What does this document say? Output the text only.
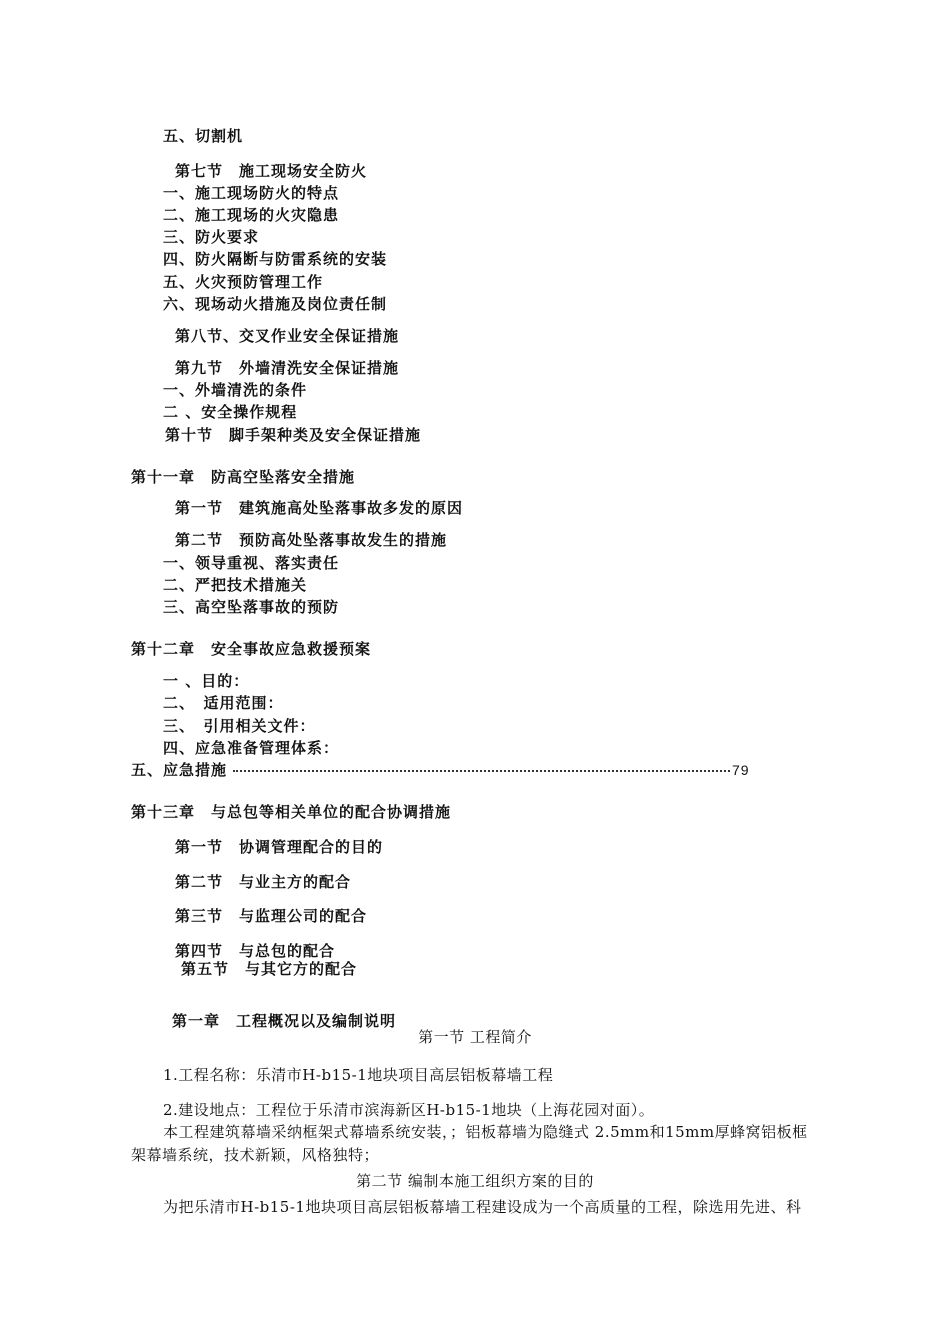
五、切割机
第七节　施工现场安全防火
一、施工现场防火的特点
二、施工现场的火灾隐患
三、防火要求
四、防火隔断与防雷系统的安装
五、火灾预防管理工作
六、现场动火措施及岗位责任制
第八节、交叉作业安全保证措施
第九节　外墙清洗安全保证措施
一、外墙清洗的条件
二 、安全操作规程
第十节　脚手架种类及安全保证措施
第十一章　防高空坠落安全措施
第一节　建筑施高处坠落事故多发的原因
第二节　预防高处坠落事故发生的措施
一、领导重视、落实责任
二、严把技术措施关
三、高空坠落事故的预防
第十二章　安全事故应急救援预案
一 、目的：
二、　适用范围：
三、　引用相关文件：
四、应急准备管理体系：
五、应急措施	79
第十三章　与总包等相关单位的配合协调措施
第一节　协调管理配合的目的
第二节　与业主方的配合
第三节　与监理公司的配合
第四节　与总包的配合
第五节　与其它方的配合
第一章　工程概况以及编制说明
第一节 工程简介
1.工程名称：乐清市H-b15-1地块项目高层铝板幕墙工程
2.建设地点：工程位于乐清市滨海新区H-b15-1地块（上海花园对面）。
本工程建筑幕墙采纳框架式幕墙系统安装，；铝板幕墙为隐缝式 2.5mm和15mm厚蜂窝铝板框
架幕墙系统，技术新颖，风格独特；
第二节 编制本施工组织方案的目的
为把乐清市H-b15-1地块项目高层铝板幕墙工程建设成为一个高质量的工程，除选用先进、科
